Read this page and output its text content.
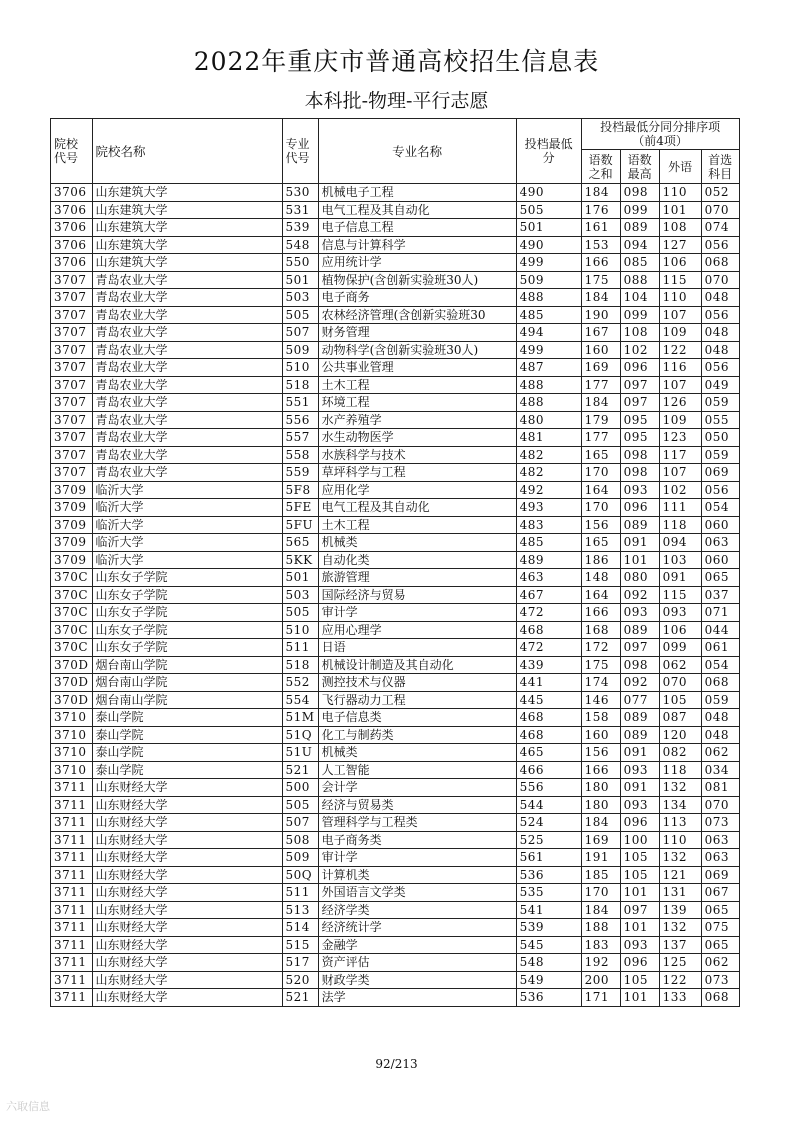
2022年重庆市普通高校招生信息表
本科批-物理-平行志愿
院校代号	院校名称	专业代号	专业名称	投档最低分	投档最低分同分排序项
（前4项）			
					语数之和	语数最高	外语	首选科目
3706	山东建筑大学	530	机械电子工程	490	184	098	110	052
3706	山东建筑大学	531	电气工程及其自动化	505	176	099	101	070
3706	山东建筑大学	539	电子信息工程	501	161	089	108	074
3706	山东建筑大学	548	信息与计算科学	490	153	094	127	056
3706	山东建筑大学	550	应用统计学	499	166	085	106	068
3707	青岛农业大学	501	植物保护(含创新实验班30人)	509	175	088	115	070
3707	青岛农业大学	503	电子商务	488	184	104	110	048
3707	青岛农业大学	505	农林经济管理(含创新实验班30	485	190	099	107	056
3707	青岛农业大学	507	财务管理	494	167	108	109	048
3707	青岛农业大学	509	动物科学(含创新实验班30人)	499	160	102	122	048
3707	青岛农业大学	510	公共事业管理	487	169	096	116	056
3707	青岛农业大学	518	土木工程	488	177	097	107	049
3707	青岛农业大学	551	环境工程	488	184	097	126	059
3707	青岛农业大学	556	水产养殖学	480	179	095	109	055
3707	青岛农业大学	557	水生动物医学	481	177	095	123	050
3707	青岛农业大学	558	水族科学与技术	482	165	098	117	059
3707	青岛农业大学	559	草坪科学与工程	482	170	098	107	069
3709	临沂大学	5F8	应用化学	492	164	093	102	056
3709	临沂大学	5FE	电气工程及其自动化	493	170	096	111	054
3709	临沂大学	5FU	土木工程	483	156	089	118	060
3709	临沂大学	565	机械类	485	165	091	094	063
3709	临沂大学	5KK	自动化类	489	186	101	103	060
370C	山东女子学院	501	旅游管理	463	148	080	091	065
370C	山东女子学院	503	国际经济与贸易	467	164	092	115	037
370C	山东女子学院	505	审计学	472	166	093	093	071
370C	山东女子学院	510	应用心理学	468	168	089	106	044
370C	山东女子学院	511	日语	472	172	097	099	061
370D	烟台南山学院	518	机械设计制造及其自动化	439	175	098	062	054
370D	烟台南山学院	552	测控技术与仪器	441	174	092	070	068
370D	烟台南山学院	554	飞行器动力工程	445	146	077	105	059
3710	泰山学院	51M	电子信息类	468	158	089	087	048
3710	泰山学院	51Q	化工与制药类	468	160	089	120	048
3710	泰山学院	51U	机械类	465	156	091	082	062
3710	泰山学院	521	人工智能	466	166	093	118	034
3711	山东财经大学	500	会计学	556	180	091	132	081
3711	山东财经大学	505	经济与贸易类	544	180	093	134	070
3711	山东财经大学	507	管理科学与工程类	524	184	096	113	073
3711	山东财经大学	508	电子商务类	525	169	100	110	063
3711	山东财经大学	509	审计学	561	191	105	132	063
3711	山东财经大学	50Q	计算机类	536	185	105	121	069
3711	山东财经大学	511	外国语言文学类	535	170	101	131	067
3711	山东财经大学	513	经济学类	541	184	097	139	065
3711	山东财经大学	514	经济统计学	539	188	101	132	075
3711	山东财经大学	515	金融学	545	183	093	137	065
3711	山东财经大学	517	资产评估	548	192	096	125	062
3711	山东财经大学	520	财政学类	549	200	105	122	073
3711	山东财经大学	521	法学	536	171	101	133	068
92/213
六取信息
